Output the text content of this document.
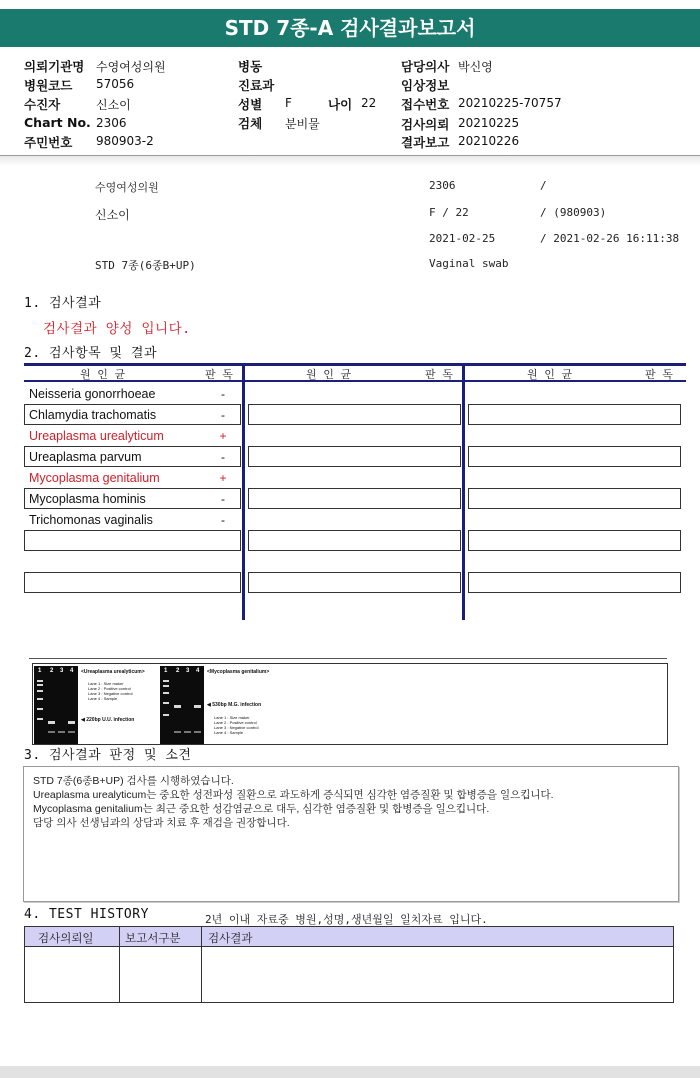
STD 7종-A 검사결과보고서
의뢰기관명 수영여성의원
병원코드 57056
수진자	신소이
Chart No. 2306
주민번호 980903-2
병동
진료과
성별 F	나이 22
검체 분비물
담당의사 박신영
임상정보
접수번호 20210225-70757
검사의뢰 20210225
결과보고 20210226
수영여성의원	2306	/
신소이	F / 22	/ (980903)
2021-02-25	/ 2021-02-26 16:11:38
STD 7종(6종B+UP)	Vaginal swab
1. 검사결과
검사결과 양성 입니다.
2. 검사항목 및 결과
원 인 균	판 독	원 인 균	판 독	원 인 균	판 독
Neisseria gonorrhoeae	-
Chlamydia trachomatis	-
Ureaplasma urealyticum	+
Ureaplasma parvum	-
Mycoplasma genitalium	+
Mycoplasma hominis	-
Trichomonas vaginalis	-
1 2 3 4 <Ureaplasma urealyticum>
Lane 1 : Size maker
Lane 2 : Positive control
Lane 3 : Negative control
Lane 4 : Sample
◀ 220bp U.U. infection
1 2 3 4 <Mycoplasma genitalium>
◀ 530bp M.G. infection
Lane 1 : Size maker
Lane 2 : Positive control
Lane 3 : Negative control
Lane 4 : Sample
3. 검사결과 판정 및 소견
STD 7종(6종B+UP) 검사를 시행하였습니다.
Ureaplasma urealyticum는 중요한 성전파성 질환으로 과도하게 증식되면 심각한 염증질환 및 합병증을 일으킵니다.
Mycoplasma genitalium는 최근 중요한 성감염균으로 대두, 심각한 염증질환 및 합병증을 일으킵니다.
담당 의사 선생님과의 상담과 치료 후 재검을 권장합니다.
4. TEST HISTORY	2년 이내 자료중 병원,성명,생년월일 일치자료 입니다.
검사의뢰일	보고서구분 검사결과
